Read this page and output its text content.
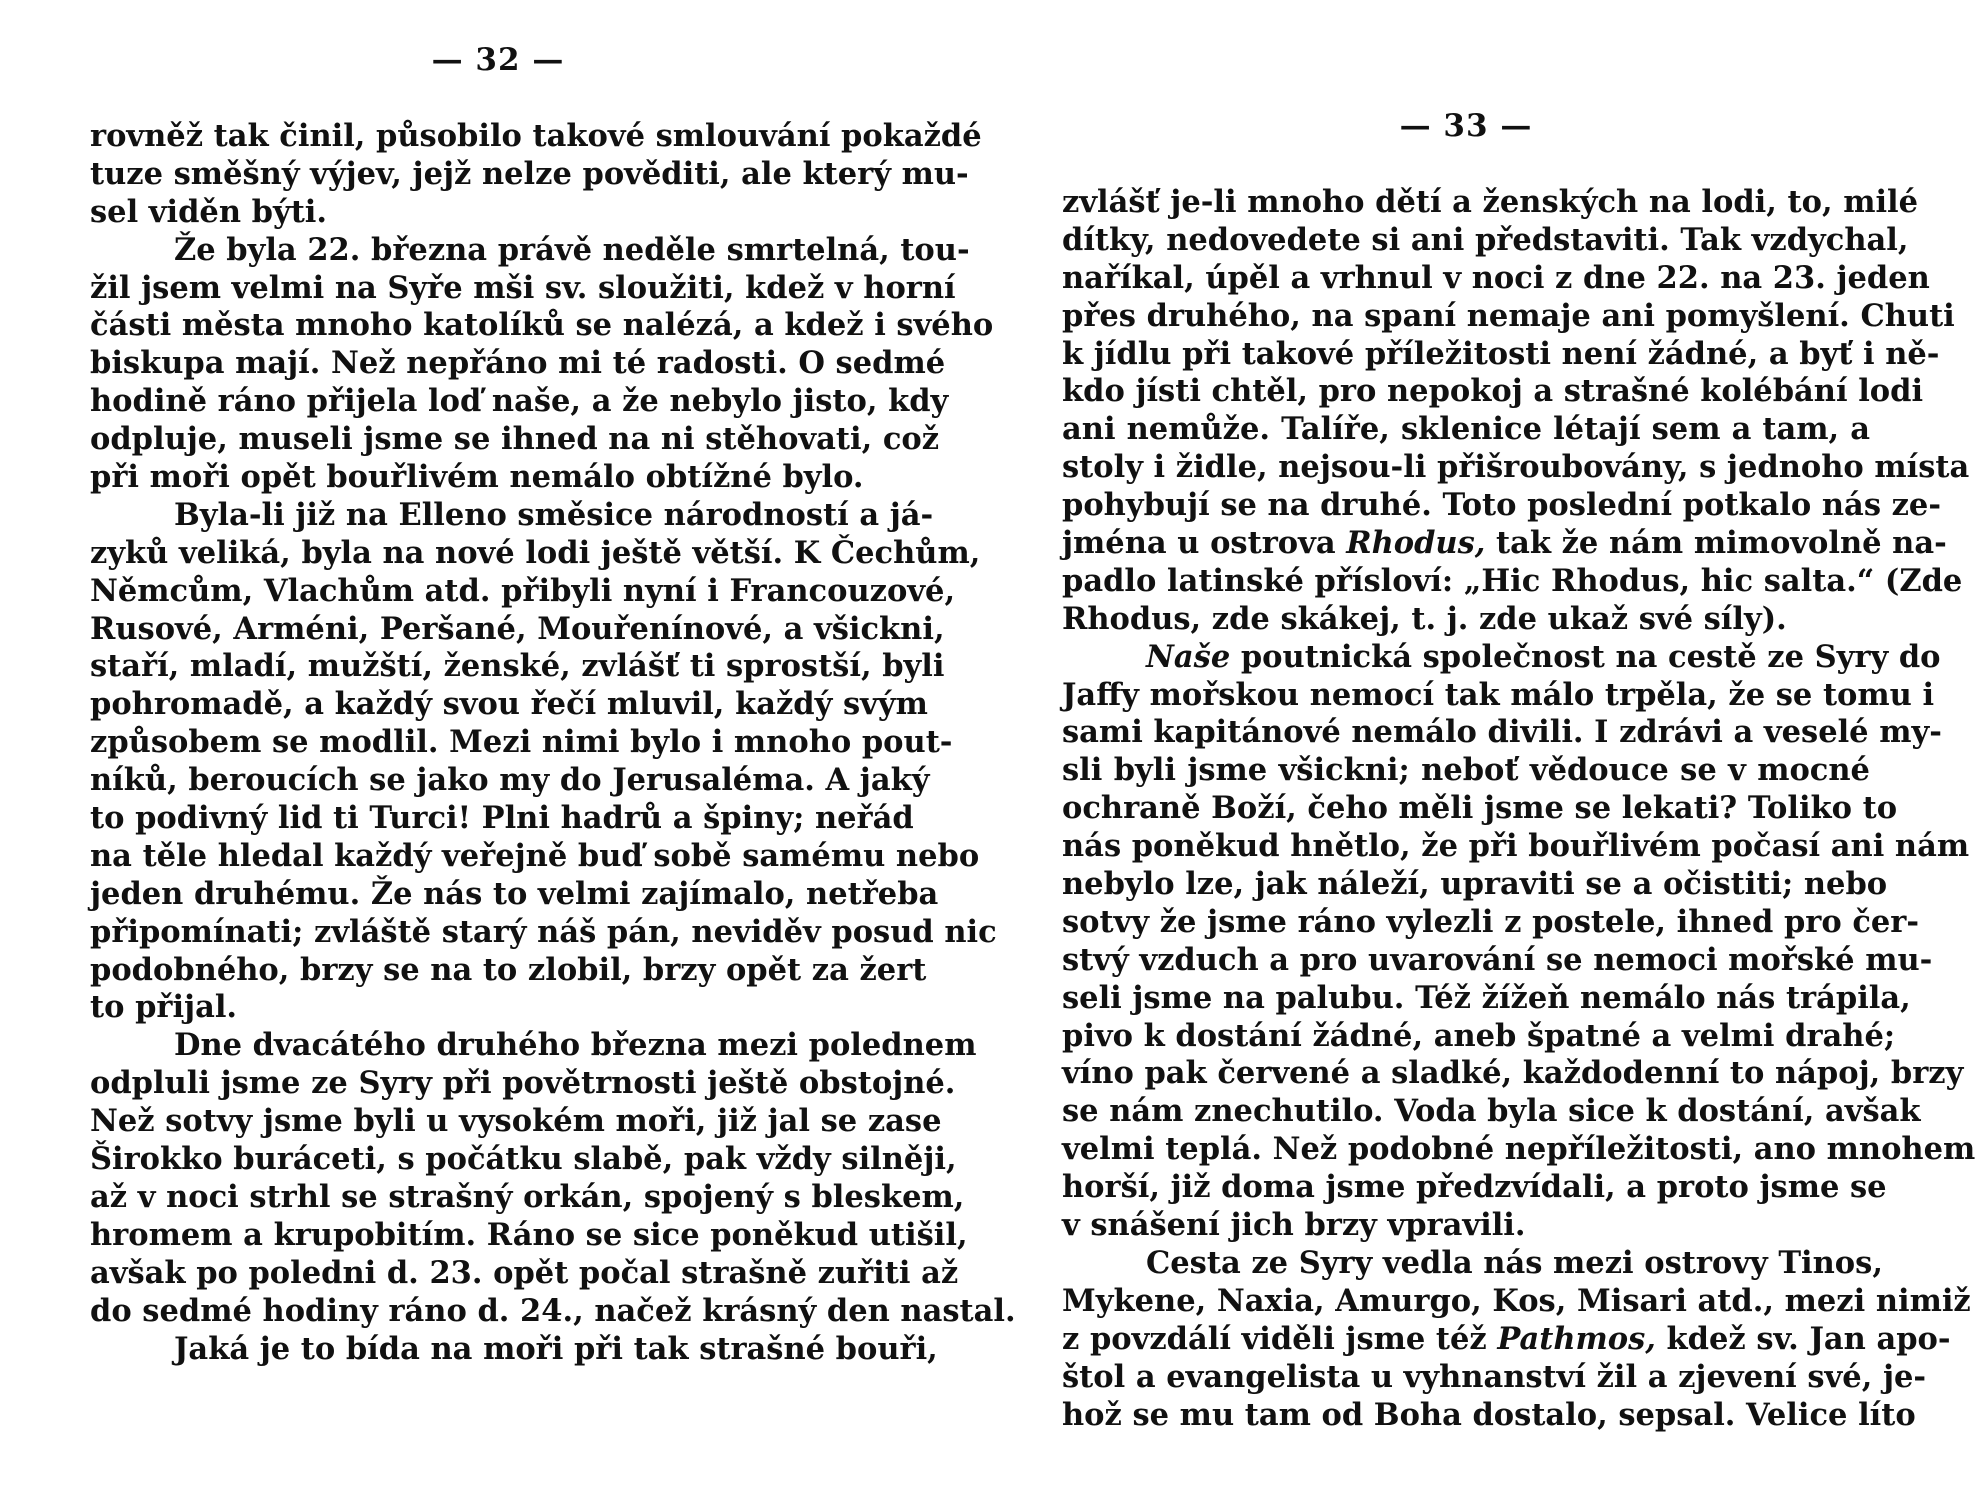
— 32 —
rovněž tak činil, působilo takové smlouvání pokaždé
tuze směšný výjev, jejž nelze pověditi, ale který mu-
sel viděn býti.
Že byla 22. března právě neděle smrtelná, tou-
žil jsem velmi na Syře mši sv. sloužiti, kdež v horní
části města mnoho katolíků se nalézá, a kdež i svého
biskupa mají. Než nepřáno mi té radosti. O sedmé
hodině ráno přijela loď naše, a že nebylo jisto, kdy
odpluje, museli jsme se ihned na ni stěhovati, což
při moři opět bouřlivém nemálo obtížné bylo.
Byla-li již na Elleno směsice národností a já-
zyků veliká, byla na nové lodi ještě větší. K Čechům,
Němcům, Vlachům atd. přibyli nyní i Francouzové,
Rusové, Arméni, Peršané, Mouřenínové, a všickni,
staří, mladí, mužští, ženské, zvlášť ti sprostší, byli
pohromadě, a každý svou řečí mluvil, každý svým
způsobem se modlil. Mezi nimi bylo i mnoho pout-
níků, beroucích se jako my do Jerusaléma. A jaký
to podivný lid ti Turci! Plni hadrů a špiny; neřád
na těle hledal každý veřejně buď sobě samému nebo
jeden druhému. Že nás to velmi zajímalo, netřeba
připomínati; zvláště starý náš pán, neviděv posud nic
podobného, brzy se na to zlobil, brzy opět za žert
to přijal.
Dne dvacátého druhého března mezi polednem
odpluli jsme ze Syry při povětrnosti ještě obstojné.
Než sotvy jsme byli u vysokém moři, již jal se zase
Širokko buráceti, s počátku slabě, pak vždy silněji,
až v noci strhl se strašný orkán, spojený s bleskem,
hromem a krupobitím. Ráno se sice poněkud utišil,
avšak po poledni d. 23. opět počal strašně zuřiti až
do sedmé hodiny ráno d. 24., načež krásný den nastal.
Jaká je to bída na moři při tak strašné bouři,
— 33 —
zvlášť je-li mnoho dětí a ženských na lodi, to, milé
dítky, nedovedete si ani představiti. Tak vzdychal,
naříkal, úpěl a vrhnul v noci z dne 22. na 23. jeden
přes druhého, na spaní nemaje ani pomyšlení. Chuti
k jídlu při takové příležitosti není žádné, a byť i ně-
kdo jísti chtěl, pro nepokoj a strašné kolébání lodi
ani nemůže. Talíře, sklenice létají sem a tam, a
stoly i židle, nejsou-li přišroubovány, s jednoho místa
pohybují se na druhé. Toto poslední potkalo nás ze-
jména u ostrova Rhodus, tak že nám mimovolně na-
padlo latinské přísloví: „Hic Rhodus, hic salta.“ (Zde
Rhodus, zde skákej, t. j. zde ukaž své síly).
Naše poutnická společnost na cestě ze Syry do
Jaffy mořskou nemocí tak málo trpěla, že se tomu i
sami kapitánové nemálo divili. I zdrávi a veselé my-
sli byli jsme všickni; neboť vědouce se v mocné
ochraně Boží, čeho měli jsme se lekati? Toliko to
nás poněkud hnětlo, že při bouřlivém počasí ani nám
nebylo lze, jak náleží, upraviti se a očistiti; nebo
sotvy že jsme ráno vylezli z postele, ihned pro čer-
stvý vzduch a pro uvarování se nemoci mořské mu-
seli jsme na palubu. Též žížeň nemálo nás trápila,
pivo k dostání žádné, aneb špatné a velmi drahé;
víno pak červené a sladké, každodenní to nápoj, brzy
se nám znechutilo. Voda byla sice k dostání, avšak
velmi teplá. Než podobné nepříležitosti, ano mnohem
horší, již doma jsme předzvídali, a proto jsme se
v snášení jich brzy vpravili.
Cesta ze Syry vedla nás mezi ostrovy Tinos,
Mykene, Naxia, Amurgo, Kos, Misari atd., mezi nimiž
z povzdálí viděli jsme též Pathmos, kdež sv. Jan apo-
štol a evangelista u vyhnanství žil a zjevení své, je-
hož se mu tam od Boha dostalo, sepsal. Velice líto
